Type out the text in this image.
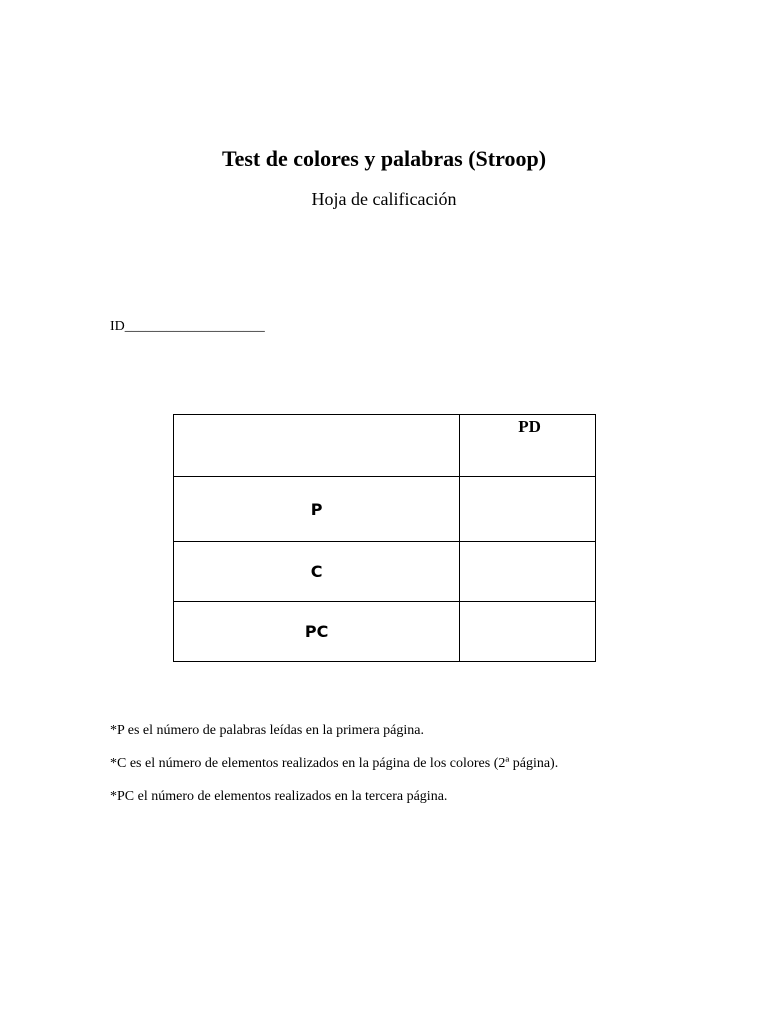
Test de colores y palabras (Stroop)
Hoja de calificación
ID____________________
	PD
P	
C	
PC	

*P es el número de palabras leídas en la primera página.

*C es el número de elementos realizados en la página de los colores (2ª página).

*PC el número de elementos realizados en la tercera página.
